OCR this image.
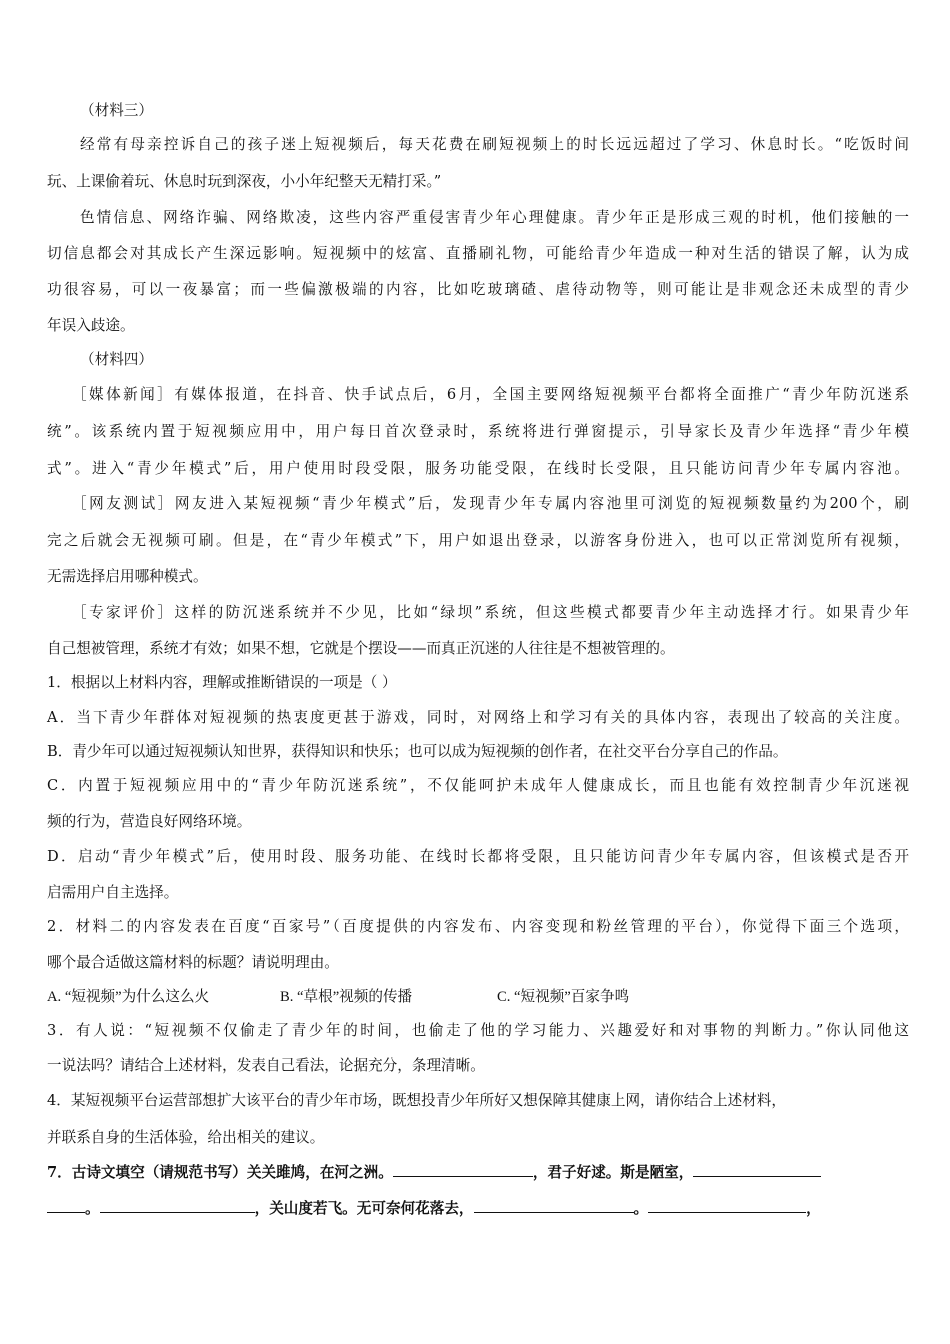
（材料三）
经常有母亲控诉自己的孩子迷上短视频后，每天花费在刷短视频上的时长远远超过了学习、休息时长。“吃饭时间
玩、上课偷着玩、休息时玩到深夜，小小年纪整天无精打采。”
色情信息、网络诈骗、网络欺凌，这些内容严重侵害青少年心理健康。青少年正是形成三观的时机，他们接触的一
切信息都会对其成长产生深远影响。短视频中的炫富、直播刷礼物，可能给青少年造成一种对生活的错误了解，认为成
功很容易，可以一夜暴富；而一些偏激极端的内容，比如吃玻璃碴、虐待动物等，则可能让是非观念还未成型的青少
年误入歧途。
（材料四）
［媒体新闻］有媒体报道，在抖音、快手试点后，6月，全国主要网络短视频平台都将全面推广“青少年防沉迷系
统”。该系统内置于短视频应用中，用户每日首次登录时，系统将进行弹窗提示，引导家长及青少年选择“青少年模
式”。进入“青少年模式”后，用户使用时段受限，服务功能受限，在线时长受限，且只能访问青少年专属内容池。
［网友测试］网友进入某短视频“青少年模式”后，发现青少年专属内容池里可浏览的短视频数量约为200个，刷
完之后就会无视频可刷。但是，在“青少年模式”下，用户如退出登录，以游客身份进入，也可以正常浏览所有视频，
无需选择启用哪种模式。
［专家评价］这样的防沉迷系统并不少见，比如“绿坝”系统，但这些模式都要青少年主动选择才行。如果青少年
自己想被管理，系统才有效；如果不想，它就是个摆设——而真正沉迷的人往往是不想被管理的。
1．根据以上材料内容，理解或推断错误的一项是（ ）
A．当下青少年群体对短视频的热衷度更甚于游戏，同时，对网络上和学习有关的具体内容，表现出了较高的关注度。
B．青少年可以通过短视频认知世界，获得知识和快乐；也可以成为短视频的创作者，在社交平台分享自己的作品。
C．内置于短视频应用中的“青少年防沉迷系统”，不仅能呵护未成年人健康成长，而且也能有效控制青少年沉迷视
频的行为，营造良好网络环境。
D．启动“青少年模式”后，使用时段、服务功能、在线时长都将受限，且只能访问青少年专属内容，但该模式是否开
启需用户自主选择。
2．材料二的内容发表在百度“百家号”（百度提供的内容发布、内容变现和粉丝管理的平台），你觉得下面三个选项，
哪个最合适做这篇材料的标题？请说明理由。
A. “短视频”为什么这么火	B. “草根”视频的传播	C. “短视频”百家争鸣
3．有人说：“短视频不仅偷走了青少年的时间，也偷走了他的学习能力、兴趣爱好和对事物的判断力。”你认同他这
一说法吗？请结合上述材料，发表自己看法，论据充分，条理清晰。
4．某短视频平台运营部想扩大该平台的青少年市场，既想投青少年所好又想保障其健康上网，请你结合上述材料，
并联系自身的生活体验，给出相关的建议。
7．古诗文填空（请规范书写）关关雎鸠，在河之洲。	，君子好逑。斯是陋室，
。	，关山度若飞。无可奈何花落去，	。	，
